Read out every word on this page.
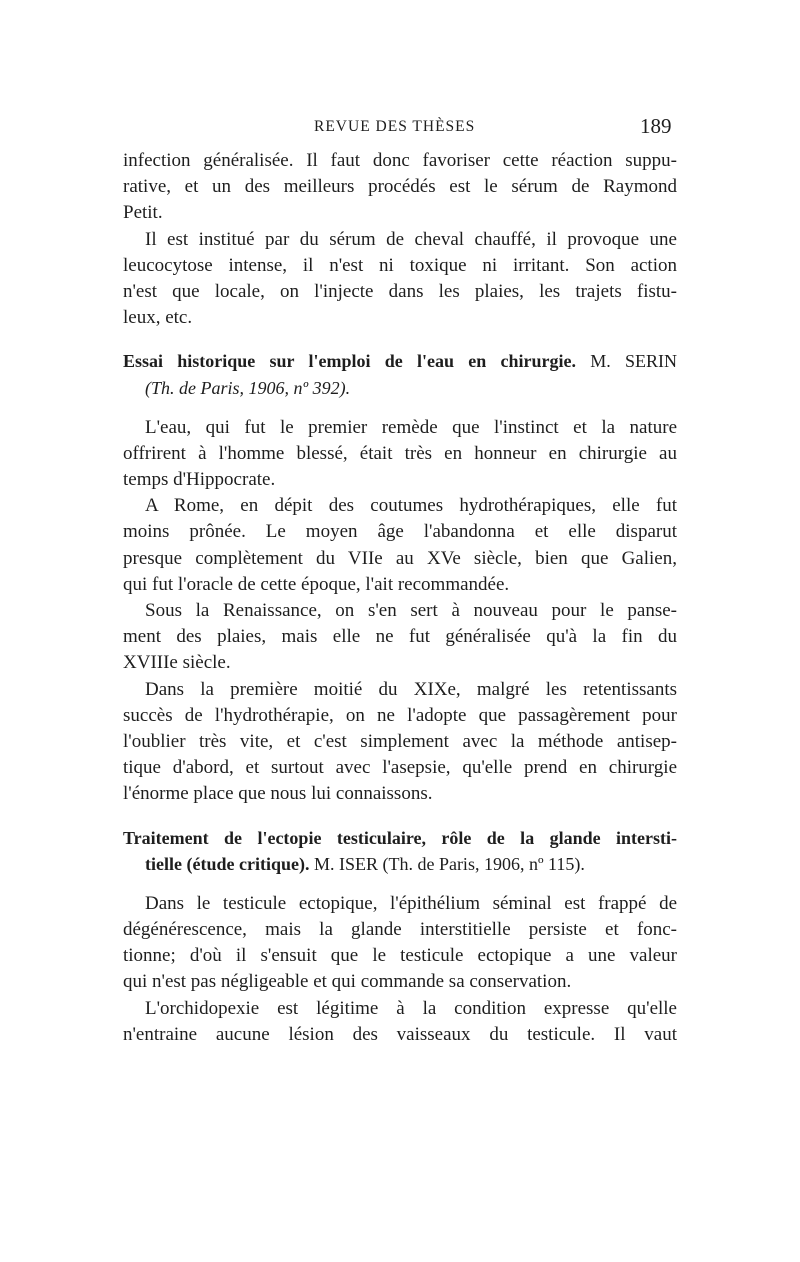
REVUE DES THÈSES	189
infection généralisée. Il faut donc favoriser cette réaction suppu-
rative, et un des meilleurs procédés est le sérum de Raymond
Petit.
Il est institué par du sérum de cheval chauffé, il provoque une
leucocytose intense, il n'est ni toxique ni irritant. Son action
n'est que locale, on l'injecte dans les plaies, les trajets fistu-
leux, etc.
Essai historique sur l'emploi de l'eau en chirurgie. M. SERIN
(Th. de Paris, 1906, nº 392).
L'eau, qui fut le premier remède que l'instinct et la nature
offrirent à l'homme blessé, était très en honneur en chirurgie au
temps d'Hippocrate.
A Rome, en dépit des coutumes hydrothérapiques, elle fut
moins prônée. Le moyen âge l'abandonna et elle disparut
presque complètement du VIIe au XVe siècle, bien que Galien,
qui fut l'oracle de cette époque, l'ait recommandée.
Sous la Renaissance, on s'en sert à nouveau pour le panse-
ment des plaies, mais elle ne fut généralisée qu'à la fin du
XVIIIe siècle.
Dans la première moitié du XIXe, malgré les retentissants
succès de l'hydrothérapie, on ne l'adopte que passagèrement pour
l'oublier très vite, et c'est simplement avec la méthode antisep-
tique d'abord, et surtout avec l'asepsie, qu'elle prend en chirurgie
l'énorme place que nous lui connaissons.
Traitement de l'ectopie testiculaire, rôle de la glande intersti-
tielle (étude critique). M. ISER (Th. de Paris, 1906, nº 115).
Dans le testicule ectopique, l'épithélium séminal est frappé de
dégénérescence, mais la glande interstitielle persiste et fonc-
tionne; d'où il s'ensuit que le testicule ectopique a une valeur
qui n'est pas négligeable et qui commande sa conservation.
L'orchidopexie est légitime à la condition expresse qu'elle
n'entraine aucune lésion des vaisseaux du testicule. Il vaut
